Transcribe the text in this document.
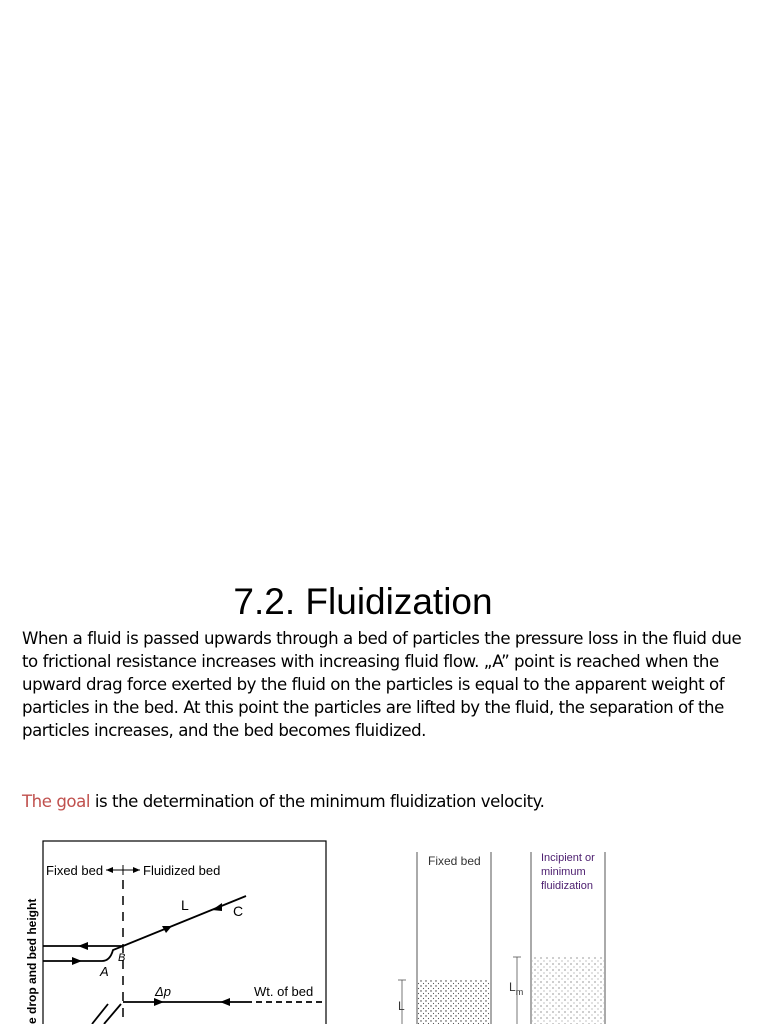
7.2. Fluidization
When a fluid is passed upwards through a bed of particles the pressure loss in the fluid due to frictional resistance increases with increasing fluid flow. „A” point is reached when the upward drag force exerted by the fluid on the particles is equal to the apparent weight of particles in the bed. At this point the particles are lifted by the fluid, the separation of the particles increases, and the bed becomes fluidized.
The goal is the determination of the minimum fluidization velocity.
Fixed bed	Fluidized bed
L	C
B
A
Δp	Wt. of bed
e drop and bed height
Fixed bed
L
Incipient or minimum fluidization
$L_m$
